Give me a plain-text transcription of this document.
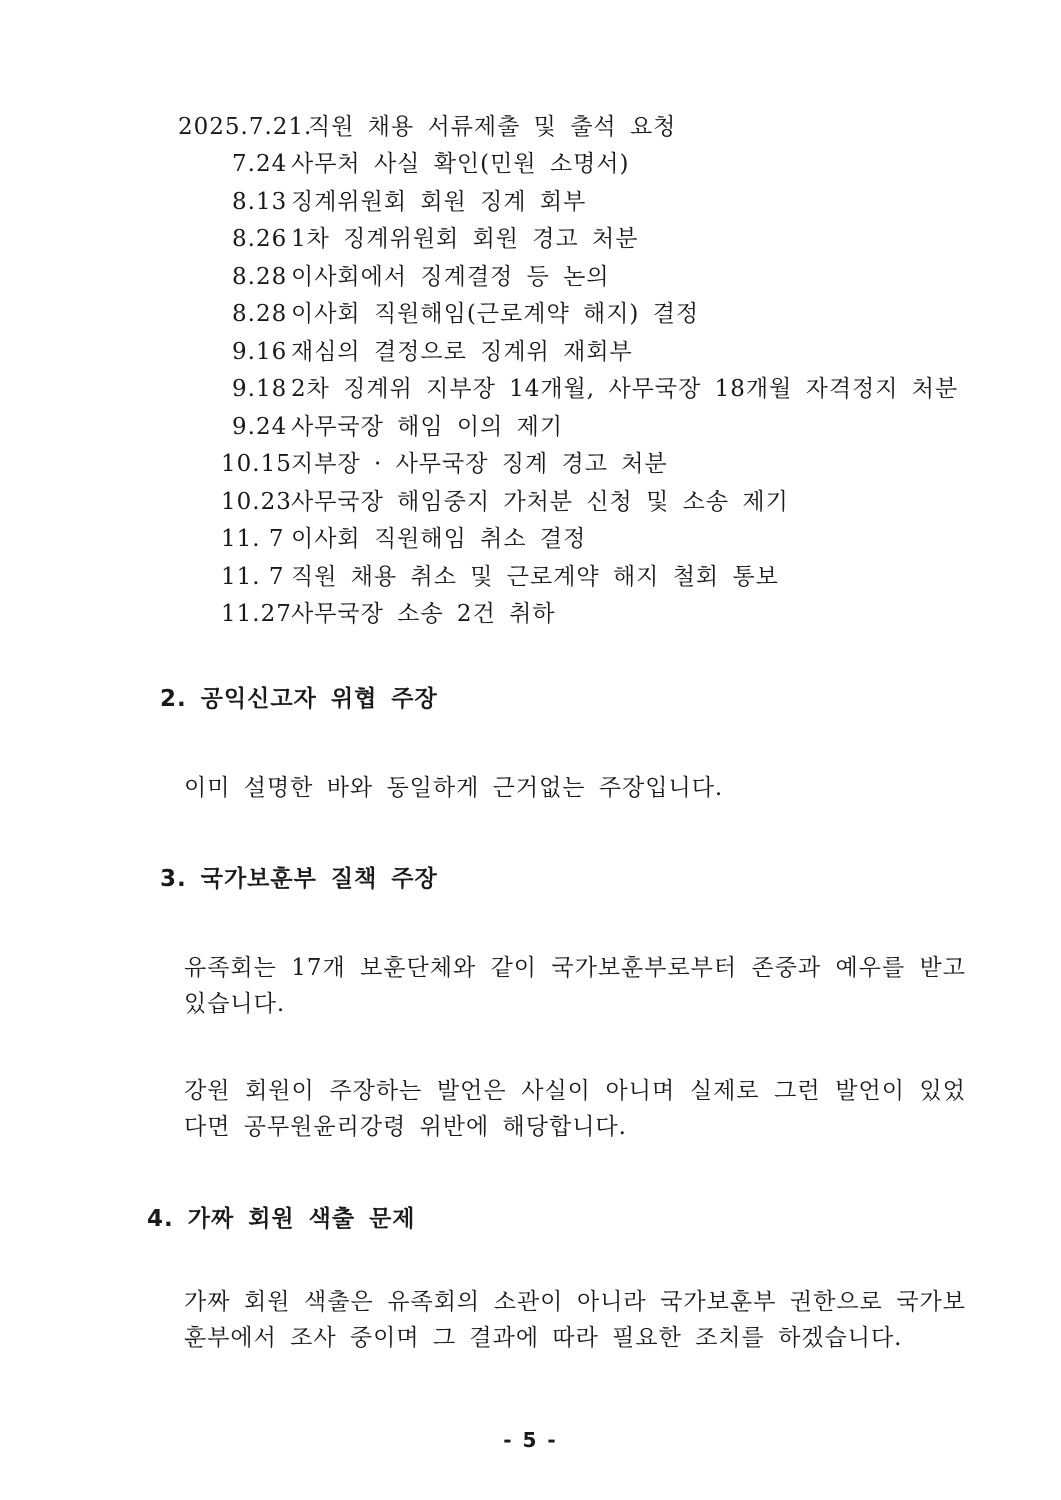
2025.7.21.
직원 채용 서류제출 및 출석 요청
7.24 사무처 사실 확인(민원 소명서)
8.13 징계위원회 회원 징계 회부
8.26 1차 징계위원회 회원 경고 처분
8.28 이사회에서 징계결정 등 논의
8.28 이사회 직원해임(근로계약 해지) 결정
9.16 재심의 결정으로 징계위 재회부
9.18 2차 징계위 지부장 14개월, 사무국장 18개월 자격정지 처분
9.24 사무국장 해임 이의 제기
10.15 지부장 · 사무국장 징계 경고 처분
10.23 사무국장 해임중지 가처분 신청 및 소송 제기
11. 7 이사회 직원해임 취소 결정
11. 7 직원 채용 취소 및 근로계약 해지 철회 통보
11.27 사무국장 소송 2건 취하
2. 공익신고자 위협 주장
이미 설명한 바와 동일하게 근거없는 주장입니다.
3. 국가보훈부 질책 주장
유족회는 17개 보훈단체와 같이 국가보훈부로부터 존중과 예우를 받고 있습니다.
강원 회원이 주장하는 발언은 사실이 아니며 실제로 그런 발언이 있었다면 공무원윤리강령 위반에 해당합니다.
4. 가짜 회원 색출 문제
가짜 회원 색출은 유족회의 소관이 아니라 국가보훈부 권한으로 국가보훈부에서 조사 중이며 그 결과에 따라 필요한 조치를 하겠습니다.
- 5 -
